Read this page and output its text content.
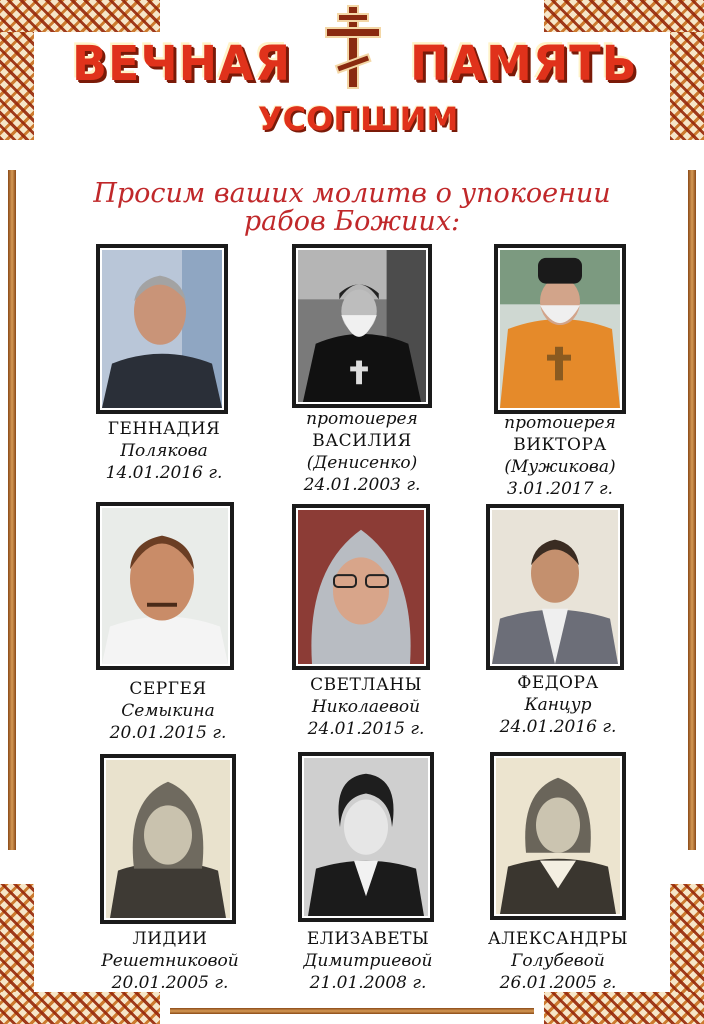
ВЕЧНАЯ	ПАМЯТЬ
УСОПШИМ
Просим ваших молитв о упокоении
рабов Божиих:
ГЕННАДИЯ
Полякова
14.01.2016 г.
протоиерея
ВАСИЛИЯ
(Денисенко)
24.01.2003 г.
протоиерея
ВИКТОРА
(Мужикова)
3.01.2017 г.
СЕРГЕЯ
Семыкина
20.01.2015 г.
СВЕТЛАНЫ
Николаевой
24.01.2015 г.
ФЕДОРА
Канцур
24.01.2016 г.
ЛИДИИ
Решетниковой
20.01.2005 г.
ЕЛИЗАВЕТЫ
Димитриевой
21.01.2008 г.
АЛЕКСАНДРЫ
Голубевой
26.01.2005 г.
